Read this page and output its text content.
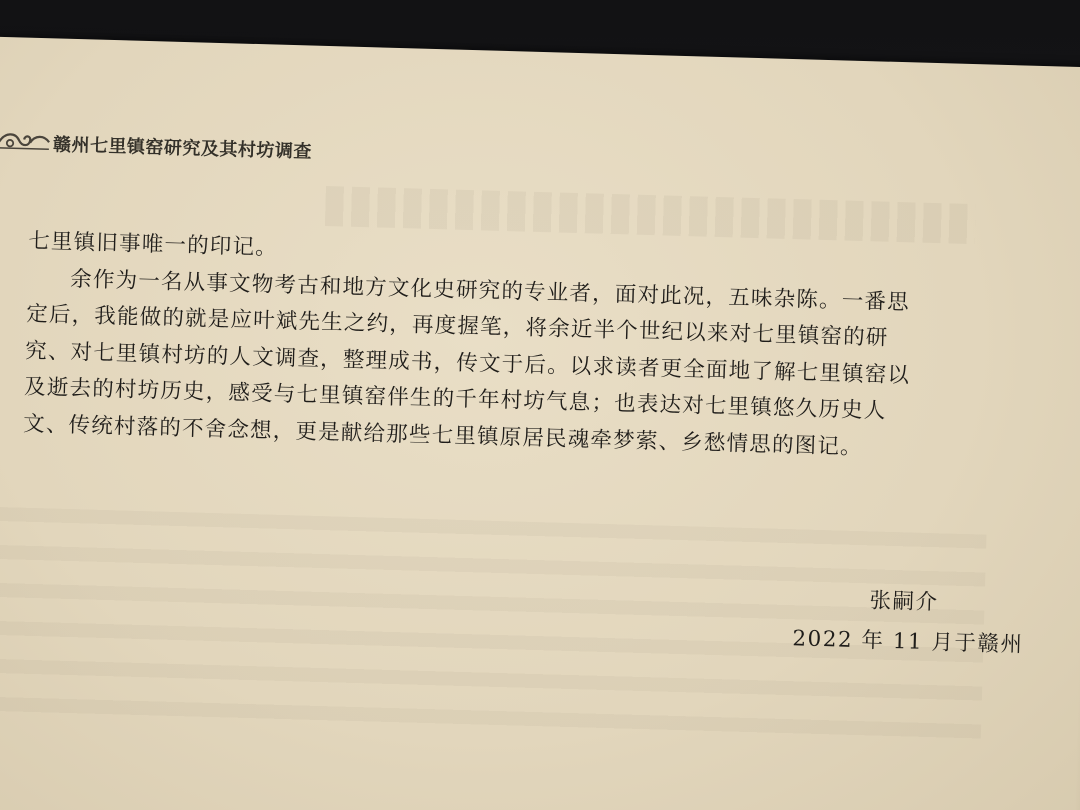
赣州七里镇窑研究及其村坊调查

七里镇旧事唯一的印记。

余作为一名从事文物考古和地方文化史研究的专业者，面对此况，五味杂陈。一番思

定后，我能做的就是应叶斌先生之约，再度握笔，将余近半个世纪以来对七里镇窑的研

究、对七里镇村坊的人文调查，整理成书，传文于后。以求读者更全面地了解七里镇窑以

及逝去的村坊历史，感受与七里镇窑伴生的千年村坊气息；也表达对七里镇悠久历史人

文、传统村落的不舍念想，更是献给那些七里镇原居民魂牵梦萦、乡愁情思的图记。

张嗣介
2022 年 11 月于赣州
